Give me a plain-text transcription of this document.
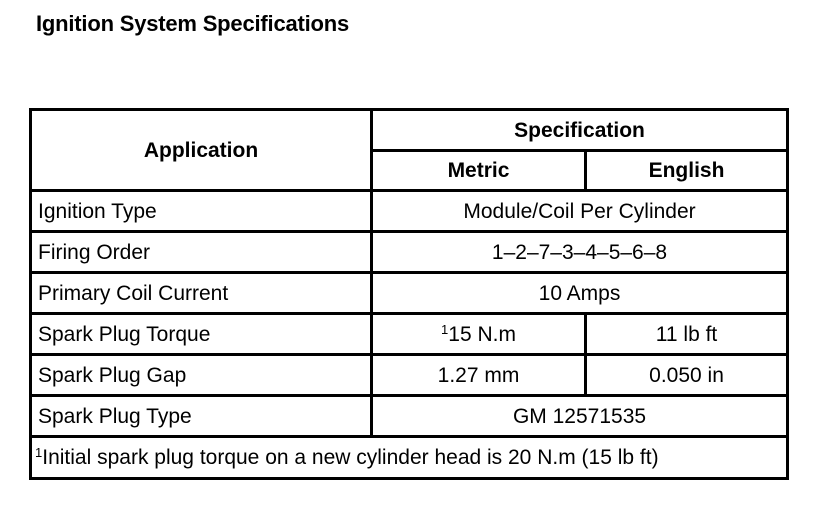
Ignition System Specifications
Application	Specification	
	Metric	English
Ignition Type	Module/Coil Per Cylinder	
Firing Order	1–2–7–3–4–5–6–8	
Primary Coil Current	10 Amps	
Spark Plug Torque	$^1$15 N.m	11 lb ft
Spark Plug Gap	1.27 mm	0.050 in
Spark Plug Type	GM 12571535	
$^1$Initial spark plug torque on a new cylinder head is 20 N.m (15 lb ft)		
